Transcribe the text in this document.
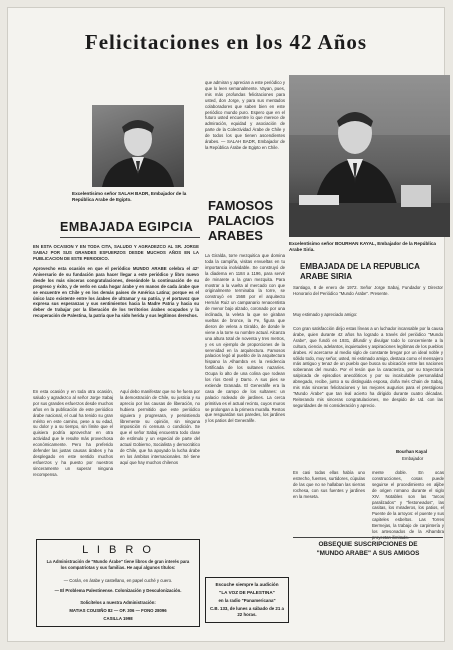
Felicitaciones en los 42 Años
Excelentísimo señor SALAH BADR, Embajador de la República Arabe de Egipto.
EMBAJADA EGIPCIA
EN ESTA OCASION Y EN TODA CITA, SALUDO Y AGRADEZCO AL SR. JORGE SABAJ POR SUS GRANDES ESFUERZOS DESDE MUCHOS AÑOS EN LA PUBLICACION DE ESTE PERIODICO.
Aprovecho esta ocasión en que el periódico MUNDO ARABE celebra el 42° Aniversario de su fundación para hacer llegar a este periódico y libro nuevo desde los más sinceras congratulaciones, deseándole la continuación de su progreso y éxito, y de verlo en cada hogar árabe y en manos de cada árabe que se encuentre en Chile y en los demás países de América Latina; porque es el único lazo existente entre los árabes de ultramar y su patria, y el portavoz que expresa sus esperanzas y sus sentimientos hacia la Madre Patria y hacia su deber de trabajar por la liberación de los territorios árabes ocupados y la recuperación de Palestina, la patria que ha sido herida y sus legítimos derechos.
En esta ocasión y en toda otra ocasión, saludo y agradezco al señor Jorge Sabaj por sus grandes esfuerzos desde muchos años en la publicación de este periódico árabe nacional, el cual ha tenido su gran mérito en este camino, pese a su edad, su dolor y a su tiempo, sin límite que el quisiera podría aprovechar en otra actividad que le resulte más provechosa económicamente. Pero ha preferido defender las justas causas árabes y ha desplegado en este sentido muchos esfuerzos y ha puesto por nuestros sinceramente un superar ninguna recompensa.
Aquí debo manifestar que no he fuera por la demostración de Chile, su justicia y su aprecio por las causas de liberación, no hubiera permitido que este periódico siguiera y progresara, y persistiendo libremente su opinión, sin ninguna imposición ni censura o condición. Se que el señor Sabaj encuentra todo clase de estímulo y un especial de parte del actual Gobierno, Socialista y democrático de Chile, que ha apoyado la lucha árabe en los ámbitos internacionales. Sé tiene aquí que hay muchos chilenos
que admiran y aprecian a este periódico y que lo leen semanalmente. Vayan, pues, mis más profundas felicitaciones para usted, don Jorge, y para sus mentados colaboradores que saben bien en este periódico mundo puro. Espero que en el futuro usted encuentre lo que merece de admiración, equidad y asociación de parte de la Colectividad Árabe de Chile y de todos los que tienen ascendientes árabes. — SALAH BADR, Embajador de la República Árabe de Egipto en Chile.
FAMOSOS
PALACIOS
ARABES
La Giralda, torre mezquitica que domina toda la campiña, visitas envueltas en tu importancia inolvidable. Se construyó de la diadema en 1184 a 1196, para servir de minarete a la gran mezquita. Para mostrar a la vuelta al mercado con que originalmente terminaba la torre, se construyó en 1568 por el arquitecto Hernán Ruiz un campanario renacentista de menor bajo alzado, coronado por una inclinada, la veleta la que se giraban vueltas de bronce, la Fe, figura que dieron de velera a Giraldo, de donde le viene a la torre su nombre actual. Alcanza una altura total de noventa y tres metros, y es un ejemplo de proporciones de la serenidad en la arquitectura. Famosos palacios legó al pueblo de la arquitectura hispano la Alhambra es la residencia fortificada de los sultanes nazaríes. Ocupa lo alto de una colina que rodean los ríos Genil y Darro. A sus pies se extiende Granada. El Generalife era la casa de campo de los sultanes: un palacio rodeado de jardines. La cerca primitiva es el actual recinto, cuyos muros se prolongan a la primera muralla. Restos que resguardan sus paredes, los jardines y los patios del Generalife.
Excelentísimo señor BOURHAN KAYAL, Embajador de la República Arabe Siria.
EMBAJADA DE LA REPUBLICA ARABE SIRIA
Santiago, 8 de enero de 1972. Señor Jorge Sabaj, Fundador y Director Honorario del Periódico "Mundo Árabe". Presente.
Muy estimado y apreciado amigo:
Con gran satisfacción dirijo estas líneas a un luchador incansable por la causa árabe, quien durante 42 años ha logrado a través del periódico "Mundo Árabe", que fundó en 1931, difundir y divulgar todo lo concerniente a la cultura, ciencia, adelantos, inquietudes y aspiraciones legítimas de los pueblos árabes. Al acercarse al medio siglo de constante bregar por un ideal noble y sólido todo, muy señor, usted, mi estimado amigo, destaca como el mensajero más antiguo y tenaz de un pueblo que busca su ubicación entre las naciones soberanas del mundo. Por el tesón que la caracteriza, por su trayectoria salpicada de episodios anecdóticos y por su incalculable personalidad abnegado, recibe, junto a su distinguida esposa, doña Inés Chain de Sabaj, mis más sinceras felicitaciones y los mejores augurios para el prestigioso "Mundo Árabe" que tan leal acierto ha dirigido durante cuatro décadas. Reiterando mis sinceras congratulaciones, me despido de Ud. con las seguridades de mi consideración y aprecio.
Bourhan Kayal
Embajador
En casi todas ellas había uno estrecho, fuentes, surtidores, cúpulas de las que no se hallaban las sierras rochesa, con sus fuentes y jardines en la meseta.
mente doble. En ocas construcciones, cosas puede seguirse el procedimiento en aljibe de origen romano durante el siglo XIV. Notables son las "arcos paralizados" y "festoneados", las casitas, los miraderos, los patios, el Puente de la arroyos: el puente y sus capiteles esbeltos. Las Torres Bermejas, la trabajo de carpintería y los artesonados de la Alhambra
L I B R O
La Administración de "Mundo Árabe" tiene libros de gran interés para los compatriotas y sus familias. He aquí algunos títulos:
— Corán, en árabe y castellano, en papel cuché y cuero.
— El Problema Palestinense. Colonización y Desculonización.
Solicítelos a nuestra Administración:
MATIAS COUSIÑO 82 — OF. 306 — FONO 28096
CASILLA 1998
Escuche siempre la audición
"LA VOZ DE PALESTINA"
en la radio "Panamericana"
C.B. 133, de lunes a sábado de 21 a 22 horas.
OBSEQUIE SUSCRIPCIONES DE
"MUNDO ARABE" A SUS AMIGOS
